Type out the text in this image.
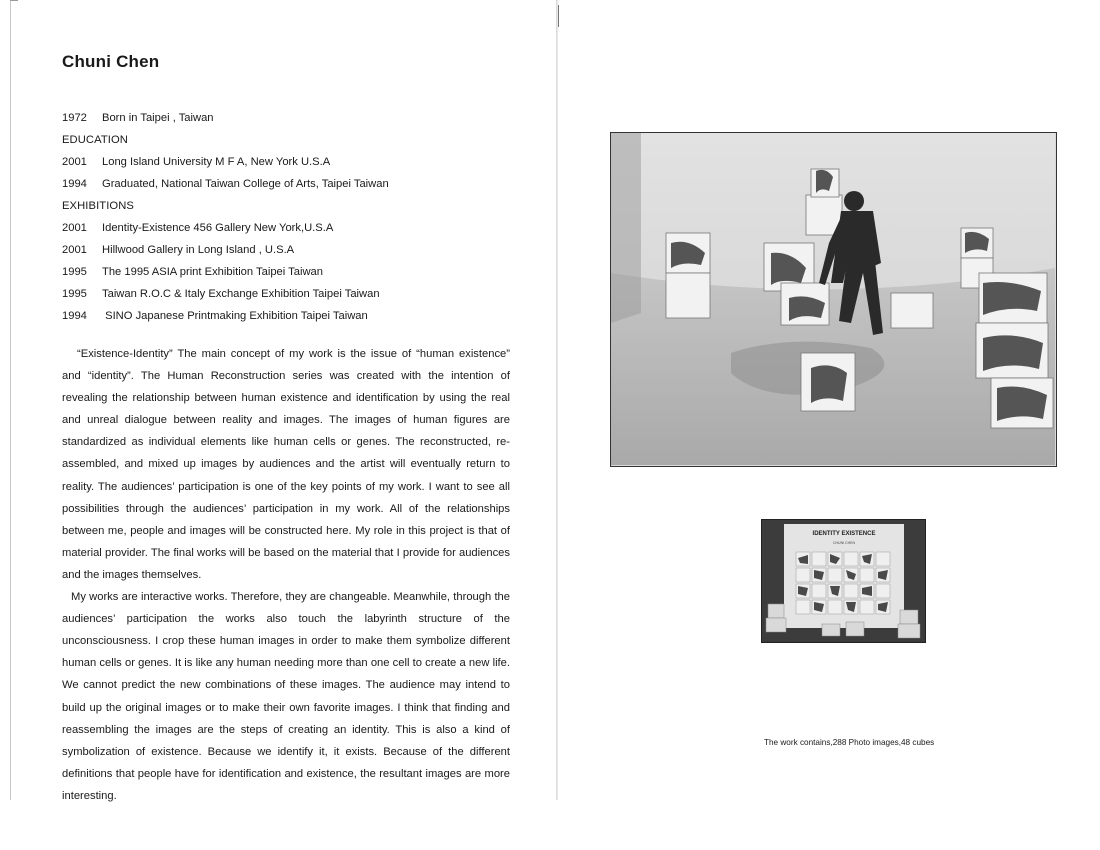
Chuni Chen
1972 Born in Taipei , Taiwan
EDUCATION
2001 Long Island University M F A, New York U.S.A
1994 Graduated, National Taiwan College of Arts, Taipei Taiwan
EXHIBITIONS
2001 Identity-Existence 456 Gallery New York,U.S.A
2001 Hillwood Gallery in Long Island , U.S.A
1995 The 1995 ASIA print Exhibition Taipei Taiwan
1995 Taiwan R.O.C & Italy Exchange Exhibition Taipei Taiwan
1994 SINO Japanese Printmaking Exhibition Taipei Taiwan

“Existence-Identity” The main concept of my work is the issue of “human existence” and “identity”. The Human Reconstruction series was created with the intention of revealing the relationship between human existence and identification by using the real and unreal dialogue between reality and images. The images of human figures are standardized as individual elements like human cells or genes. The reconstructed, re-assembled, and mixed up images by audiences and the artist will eventually return to reality. The audiences’ participation is one of the key points of my work. I want to see all possibilities through the audiences’ participation in my work. All of the relationships between me, people and images will be constructed here. My role in this project is that of material provider. The final works will be based on the material that I provide for audiences and the images themselves.

My works are interactive works. Therefore, they are changeable. Meanwhile, through the audiences’ participation the works also touch the labyrinth structure of the unconsciousness. I crop these human images in order to make them symbolize different human cells or genes. It is like any human needing more than one cell to create a new life. We cannot predict the new combinations of these images. The audience may intend to build up the original images or to make their own favorite images. I think that finding and reassembling the images are the steps of creating an identity. This is also a kind of symbolization of existence. Because we identify it, it exists. Because of the different definitions that people have for identification and existence, the resultant images are more interesting.

IDENTITY EXISTENCE
CHUNI CHEN
The work contains,288 Photo images,48 cubes
